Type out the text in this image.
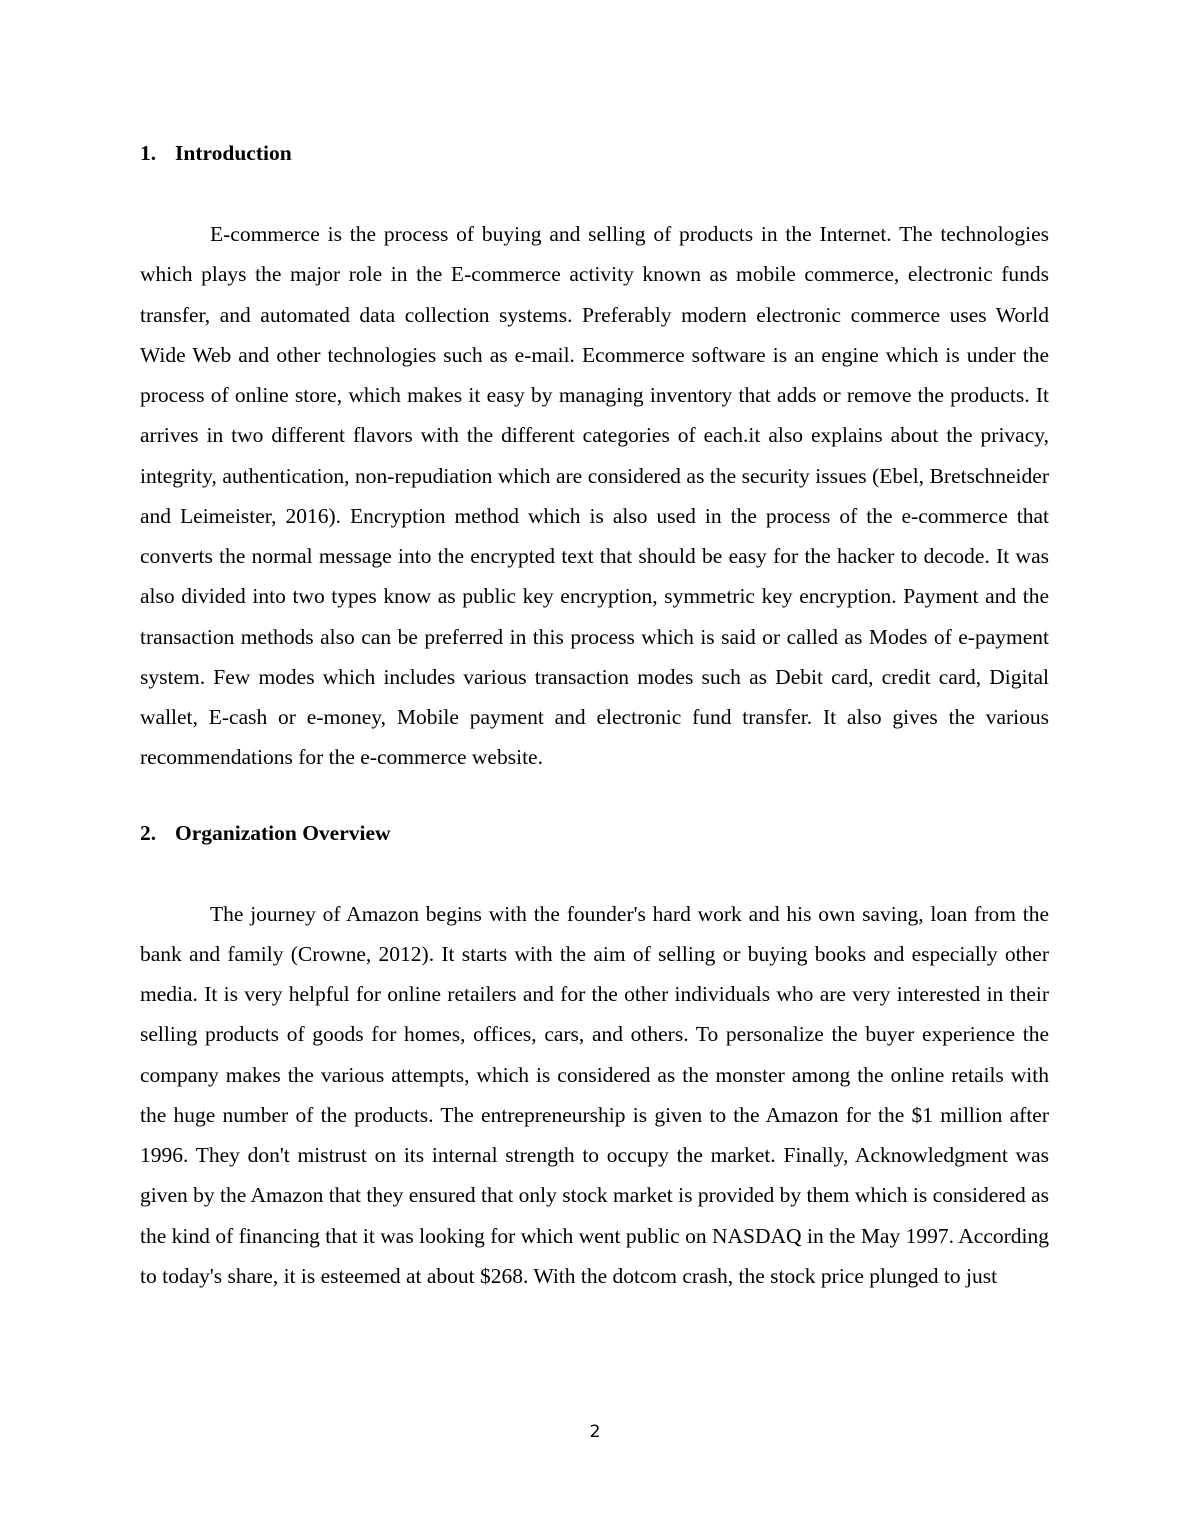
1. Introduction

E-commerce is the process of buying and selling of products in the Internet. The technologies which plays the major role in the E-commerce activity known as mobile commerce, electronic funds transfer, and automated data collection systems. Preferably modern electronic commerce uses World Wide Web and other technologies such as e-mail. Ecommerce software is an engine which is under the process of online store, which makes it easy by managing inventory that adds or remove the products. It arrives in two different flavors with the different categories of each.it also explains about the privacy, integrity, authentication, non-repudiation which are considered as the security issues (Ebel, Bretschneider and Leimeister, 2016). Encryption method which is also used in the process of the e-commerce that converts the normal message into the encrypted text that should be easy for the hacker to decode. It was also divided into two types know as public key encryption, symmetric key encryption. Payment and the transaction methods also can be preferred in this process which is said or called as Modes of e-payment system. Few modes which includes various transaction modes such as Debit card, credit card, Digital wallet, E-cash or e-money, Mobile payment and electronic fund transfer. It also gives the various recommendations for the e-commerce website.

2. Organization Overview

The journey of Amazon begins with the founder's hard work and his own saving, loan from the bank and family (Crowne, 2012). It starts with the aim of selling or buying books and especially other media. It is very helpful for online retailers and for the other individuals who are very interested in their selling products of goods for homes, offices, cars, and others. To personalize the buyer experience the company makes the various attempts, which is considered as the monster among the online retails with the huge number of the products. The entrepreneurship is given to the Amazon for the $1 million after 1996. They don't mistrust on its internal strength to occupy the market. Finally, Acknowledgment was given by the Amazon that they ensured that only stock market is provided by them which is considered as the kind of financing that it was looking for which went public on NASDAQ in the May 1997. According to today's share, it is esteemed at about $268. With the dotcom crash, the stock price plunged to just

2
